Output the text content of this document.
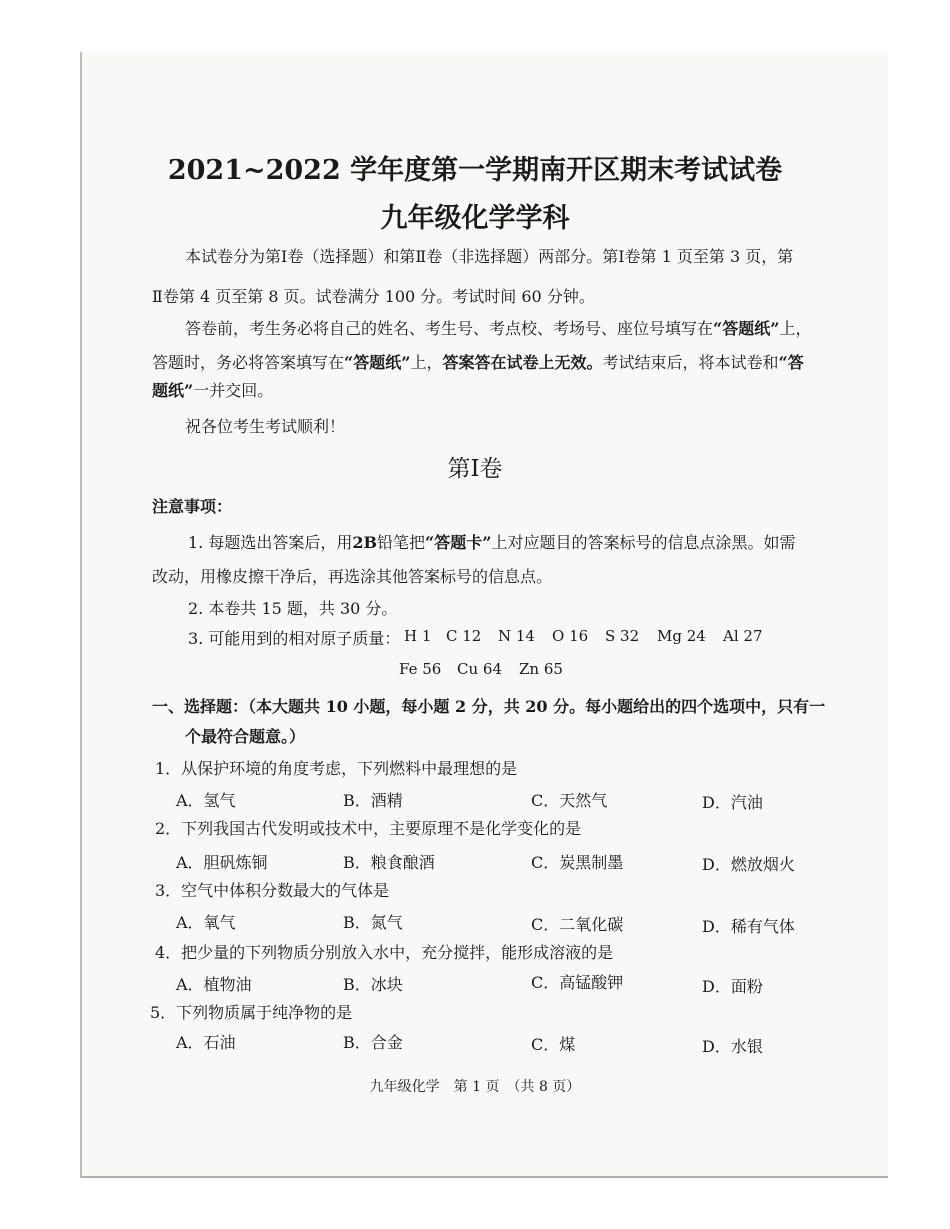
2021~2022 学年度第一学期南开区期末考试试卷
九年级化学学科
本试卷分为第Ⅰ卷（选择题）和第Ⅱ卷（非选择题）两部分。第Ⅰ卷第 1 页至第 3 页，第
Ⅱ卷第 4 页至第 8 页。试卷满分 100 分。考试时间 60 分钟。
答卷前，考生务必将自己的姓名、考生号、考点校、考场号、座位号填写在“答题纸”上，
答题时，务必将答案填写在“答题纸”上，答案答在试卷上无效。考试结束后，将本试卷和“答
题纸”一并交回。
祝各位考生考试顺利！
第Ⅰ卷
注意事项：
1. 每题选出答案后，用2B铅笔把“答题卡”上对应题目的答案标号的信息点涂黑。如需
改动，用橡皮擦干净后，再选涂其他答案标号的信息点。
2. 本卷共 15 题，共 30 分。
3. 可能用到的相对原子质量： H 1 C 12 N 14 O 16 S 32 Mg 24 Al 27
Fe 56 Cu 64 Zn 65
一、选择题：（本大题共 10 小题，每小题 2 分，共 20 分。每小题给出的四个选项中，只有一
个最符合题意。）
1．从保护环境的角度考虑，下列燃料中最理想的是
A．氢气	B．酒精	C．天然气	D．汽油
2．下列我国古代发明或技术中，主要原理不是化学变化的是
A．胆矾炼铜	B．粮食酿酒	C．炭黑制墨	D．燃放烟火
3．空气中体积分数最大的气体是
A．氧气	B．氮气	C．二氧化碳	D．稀有气体
4．把少量的下列物质分别放入水中，充分搅拌，能形成溶液的是
A．植物油	B．冰块	C．高锰酸钾	D．面粉
5．下列物质属于纯净物的是
A．石油	B．合金	C．煤	D．水银
九年级化学　第 1 页　（共 8 页）
